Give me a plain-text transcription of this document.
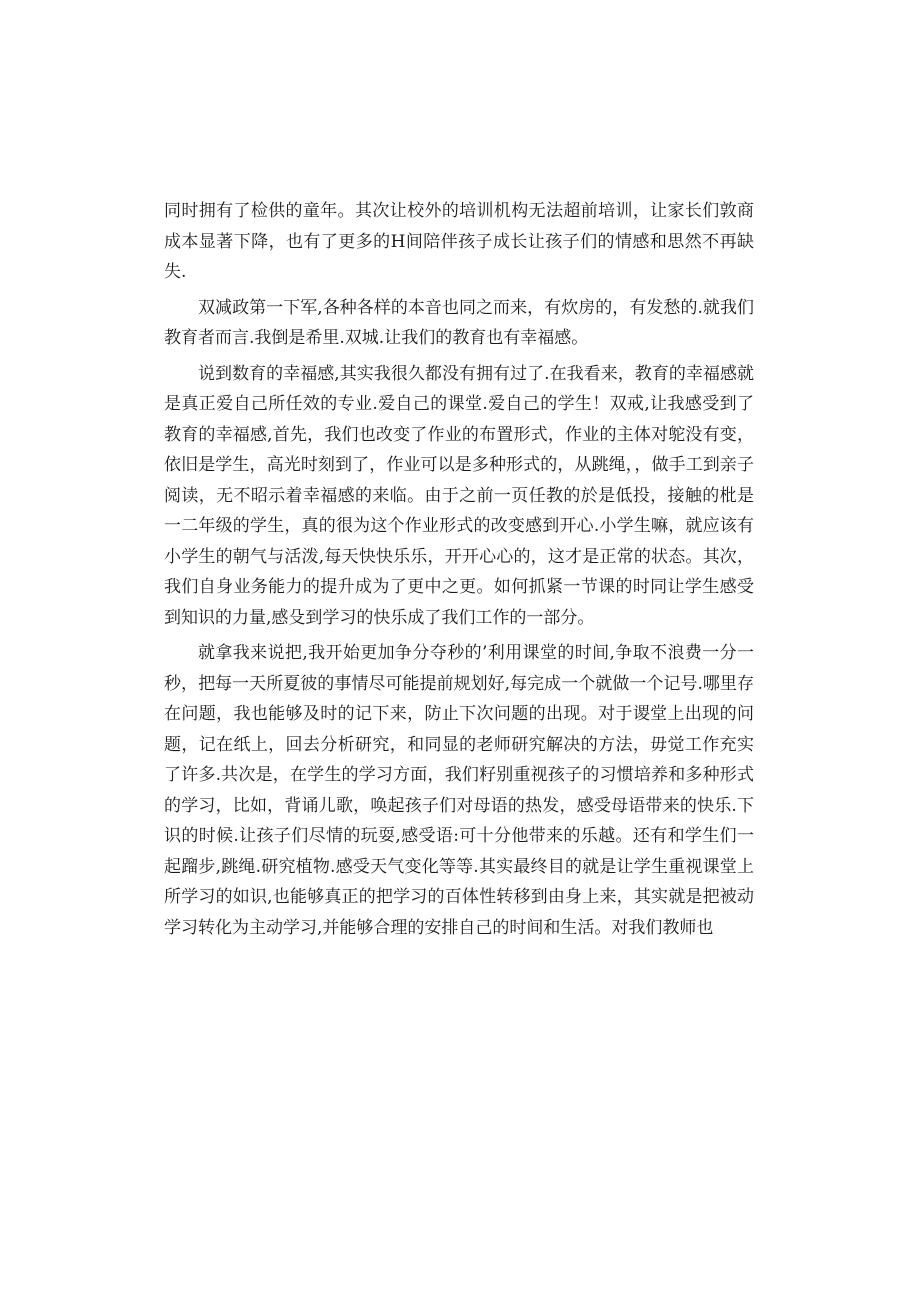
同时拥有了检供的童年。其次让校外的培训机构无法超前培训，让家长们敦商成本显著下降，也有了更多的H间陪伴孩子成长让孩子们的情感和思然不再缺失.

双减政第一下军,各种各样的本音也同之而来，有炊房的，有发愁的.就我们教育者而言.我倒是希里.双城.让我们的教育也有幸福感。

说到数育的幸福感,其实我很久都没有拥有过了.在我看来，教育的幸福感就是真正爱自己所任效的专业.爱自己的课堂.爱自己的学生！双戒,让我感受到了教育的幸福感,首先，我们也改变了作业的布置形式，作业的主体对鸵没有变，依旧是学生，高光时刻到了，作业可以是多种形式的，从跳绳，，做手工到亲子阅读，无不昭示着幸福感的来临。由于之前一页任教的於是低投，接触的枇是一二年级的学生，真的很为这个作业形式的改变感到开心.小学生嘛，就应该有小学生的朝气与活泼,每天快快乐乐，开开心心的，这才是正常的状态。其次，我们自身业务能力的提升成为了更中之更。如何抓紧一节课的时同让学生感受到知识的力量,感殳到学习的快乐成了我们工作的一部分。

就拿我来说把,我开始更加争分夺秒的’利用课堂的时间,争取不浪费一分一秒，把每一天所夏彼的事情尽可能提前规划好,每完成一个就做一个记号.哪里存在问题，我也能够及时的记下来，防止下次问题的出现。对于谡堂上出现的问题，记在纸上，回去分析研究，和同显的老师研究解决的方法，毋觉工作充实了许多.共次是，在学生的学习方面，我们籽别重视孩子的习惯培养和多种形式的学习，比如，背诵儿歌，唤起孩子们对母语的热发，感受母语带来的快乐.下识的时候.让孩子们尽情的玩耍,感受语:可十分他带来的乐越。还有和学生们一起蹓步,跳绳.研究植物.感受天气变化等等.其实最终目的就是让学生重视课堂上所学习的如识,也能够真正的把学习的百体性转移到由身上来，其实就是把被动学习转化为主动学习,并能够合理的安排自己的时间和生活。对我们教师也
